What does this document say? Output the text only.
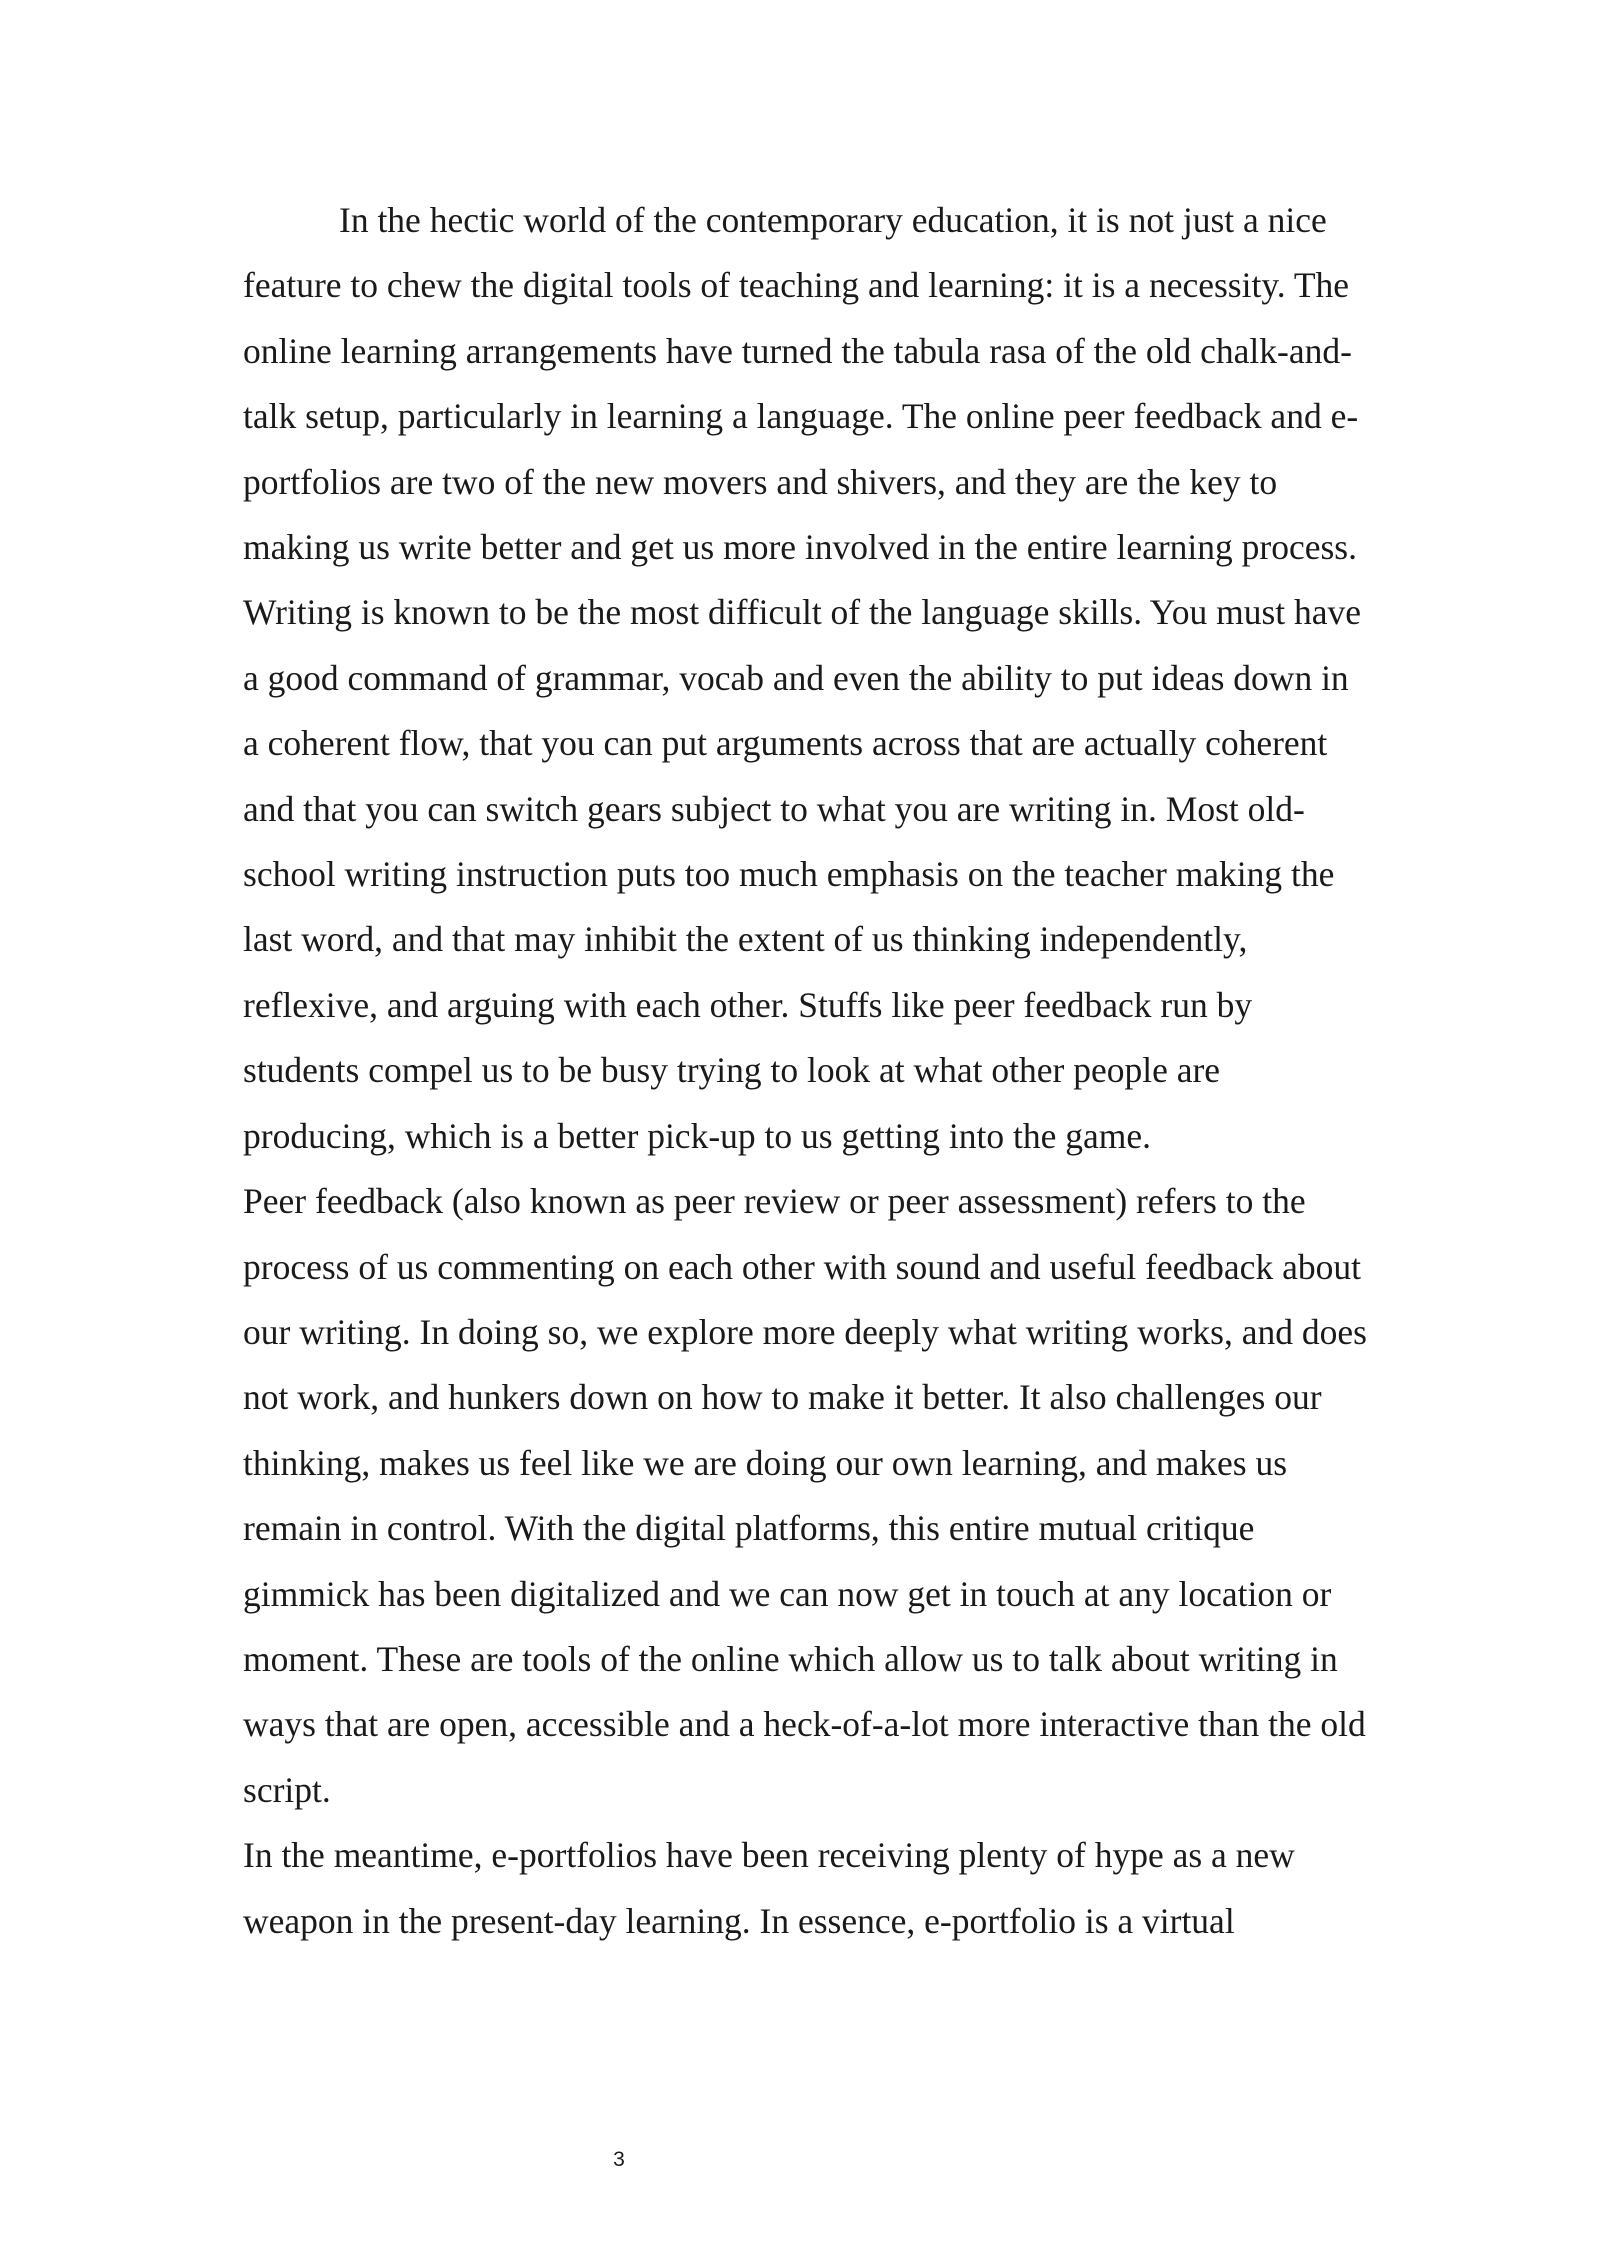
In the hectic world of the contemporary education, it is not just a nice feature to chew the digital tools of teaching and learning: it is a necessity. The online learning arrangements have turned the tabula rasa of the old chalk-and-talk setup, particularly in learning a language. The online peer feedback and e-portfolios are two of the new movers and shivers, and they are the key to making us write better and get us more involved in the entire learning process.

Writing is known to be the most difficult of the language skills. You must have a good command of grammar, vocab and even the ability to put ideas down in a coherent flow, that you can put arguments across that are actually coherent and that you can switch gears subject to what you are writing in. Most old-school writing instruction puts too much emphasis on the teacher making the last word, and that may inhibit the extent of us thinking independently, reflexive, and arguing with each other. Stuffs like peer feedback run by students compel us to be busy trying to look at what other people are producing, which is a better pick-up to us getting into the game.

Peer feedback (also known as peer review or peer assessment) refers to the process of us commenting on each other with sound and useful feedback about our writing. In doing so, we explore more deeply what writing works, and does not work, and hunkers down on how to make it better. It also challenges our thinking, makes us feel like we are doing our own learning, and makes us remain in control. With the digital platforms, this entire mutual critique gimmick has been digitalized and we can now get in touch at any location or moment. These are tools of the online which allow us to talk about writing in ways that are open, accessible and a heck-of-a-lot more interactive than the old script.

In the meantime, e-portfolios have been receiving plenty of hype as a new weapon in the present-day learning. In essence, e-portfolio is a virtual

3
